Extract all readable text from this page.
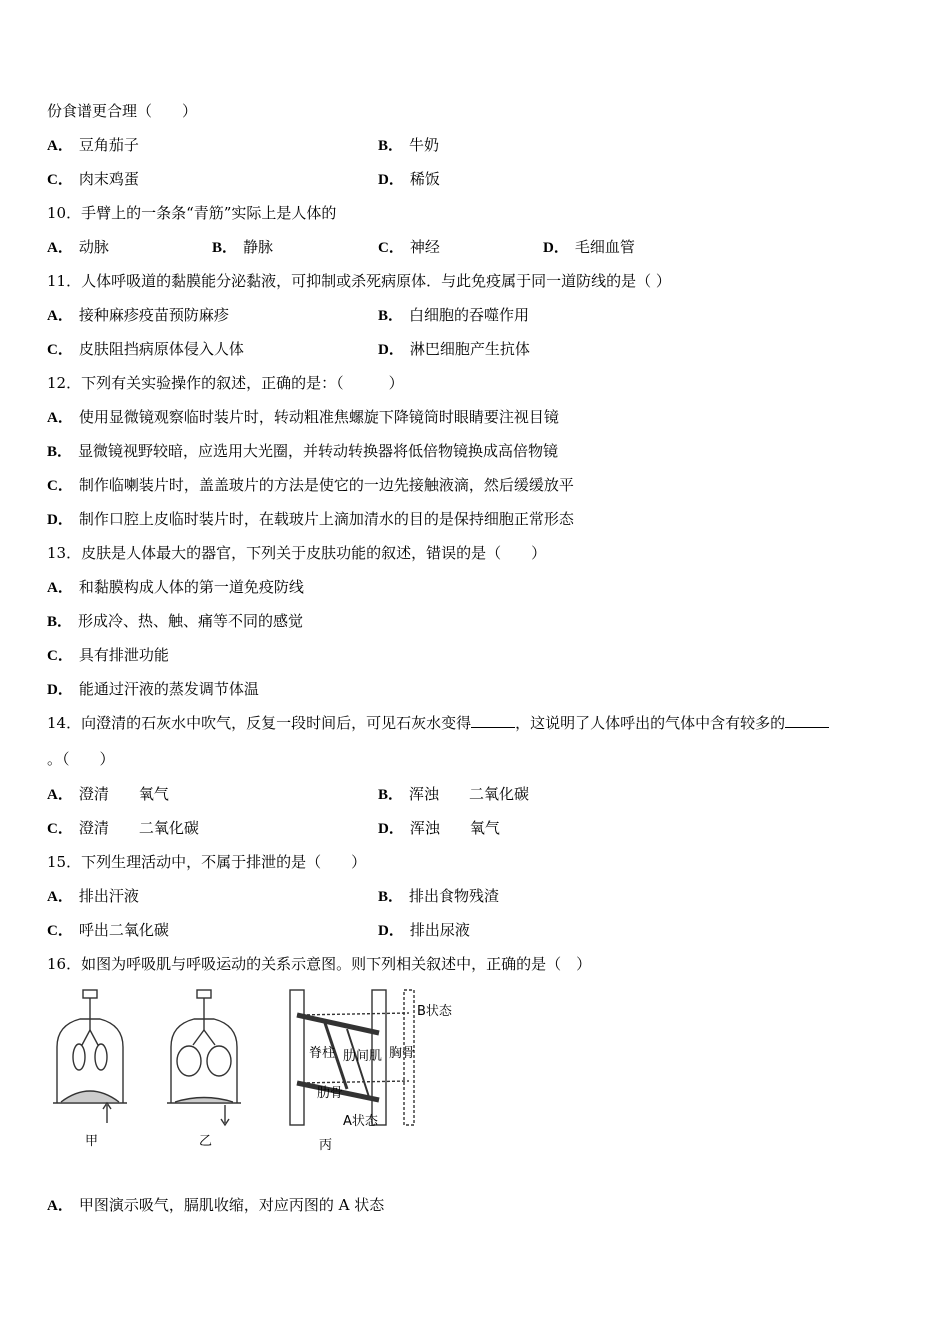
份食谱更合理（　　）
A． 豆角茄子	B． 牛奶
C． 肉末鸡蛋	D． 稀饭
10．手臂上的一条条“青筋”实际上是人体的
A． 动脉	B． 静脉	C． 神经	D． 毛细血管
11．人体呼吸道的黏膜能分泌黏液，可抑制或杀死病原体．与此免疫属于同一道防线的是（ ）
A． 接种麻疹疫苗预防麻疹	B． 白细胞的吞噬作用
C． 皮肤阻挡病原体侵入人体	D． 淋巴细胞产生抗体
12．下列有关实验操作的叙述，正确的是：（　　　）
A． 使用显微镜观察临时装片时，转动粗准焦螺旋下降镜筒时眼睛要注视目镜
B． 显微镜视野较暗，应选用大光圈，并转动转换器将低倍物镜换成高倍物镜
C． 制作临喇装片时，盖盖玻片的方法是使它的一边先接触液滴，然后缓缓放平
D． 制作口腔上皮临时装片时，在载玻片上滴加清水的目的是保持细胞正常形态
13．皮肤是人体最大的器官，下列关于皮肤功能的叙述，错误的是（　　）
A． 和黏膜构成人体的第一道免疫防线
B． 形成冷、热、触、痛等不同的感觉
C． 具有排泄功能
D． 能通过汗液的蒸发调节体温
14．向澄清的石灰水中吹气，反复一段时间后，可见石灰水变得	，这说明了人体呼出的气体中含有较多的
。（　　）
A． 澄清　　氧气	B． 浑浊　　二氧化碳
C． 澄清　　二氧化碳	D． 浑浊　　氧气
15．下列生理活动中，不属于排泄的是（　　）
A． 排出汗液	B． 排出食物残渣
C． 呼出二氧化碳	D． 排出尿液
16．如图为呼吸肌与呼吸运动的关系示意图。则下列相关叙述中，正确的是（　）
甲	乙
脊柱	胸骨
肋间肌
肋骨
A状态
B状态
丙
A． 甲图演示吸气，膈肌收缩，对应丙图的 A 状态
